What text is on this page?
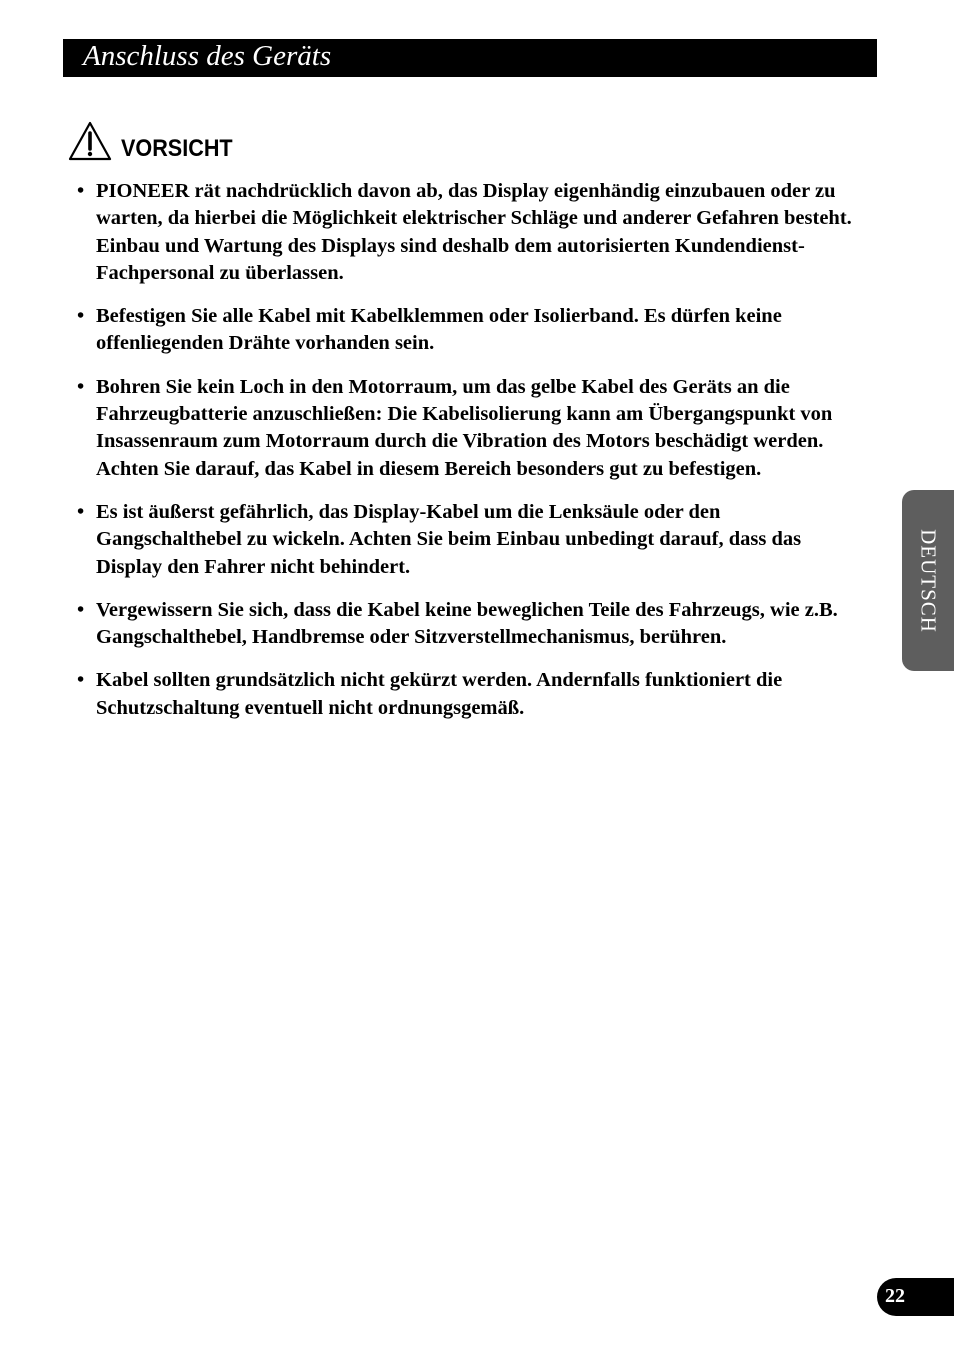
Anschluss des Geräts
VORSICHT
• PIONEER rät nachdrücklich davon ab, das Display eigenhändig einzubauen oder zu warten, da hierbei die Möglichkeit elektrischer Schläge und anderer Gefahren besteht. Einbau und Wartung des Displays sind deshalb dem autorisierten Kundendienst-Fachpersonal zu überlassen.
• Befestigen Sie alle Kabel mit Kabelklemmen oder Isolierband. Es dürfen keine offenliegenden Drähte vorhanden sein.
• Bohren Sie kein Loch in den Motorraum, um das gelbe Kabel des Geräts an die Fahrzeugbatterie anzuschließen: Die Kabelisolierung kann am Übergangspunkt von Insassenraum zum Motorraum durch die Vibration des Motors beschädigt werden. Achten Sie darauf, das Kabel in diesem Bereich besonders gut zu befestigen.
• Es ist äußerst gefährlich, das Display-Kabel um die Lenksäule oder den Gangschalthebel zu wickeln. Achten Sie beim Einbau unbedingt darauf, dass das Display den Fahrer nicht behindert.
• Vergewissern Sie sich, dass die Kabel keine beweglichen Teile des Fahrzeugs, wie z.B. Gangschalthebel, Handbremse oder Sitzverstellmechanismus, berühren.
• Kabel sollten grundsätzlich nicht gekürzt werden. Andernfalls funktioniert die Schutzschaltung eventuell nicht ordnungsgemäß.
DEUTSCH
22
